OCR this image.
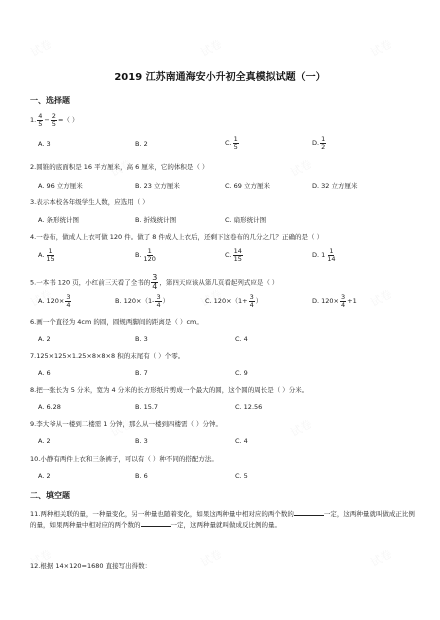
2019 江苏南通海安小升初全真模拟试题（一）
一、选择题
1. $\frac{4}{5} - \frac{2}{5}$ =（ ）
A. 3	B. 2	C. $\frac{1}{5}$	D. $\frac{1}{2}$
2.圆锥的底面积是 16 平方厘米，高 6 厘米，它的体积是（ ）
A. 96 立方厘米	B. 23 立方厘米	C. 69 立方厘米	D. 32 立方厘米
3.表示本校各年级学生人数，应选用（ ）
A. 条形统计图	B. 折线统计图	C. 扇形统计图
4.一卷布，做成人上衣可做 120 件。做了 8 件成人上衣后，还剩下这卷布的几分之几？正确的是（ ）
A. $\frac{1}{15}$	B. $\frac{1}{120}$	C. $\frac{14}{15}$	D. $1 \frac{1}{14}$
5.一本书 120 页，小红前三天看了全书的 $\frac{3}{4}$ ，第四天应该从第几页看起列式应是（ ）
A. $120\times \frac{3}{4}$	B. $120\times(1- \frac{3}{4}$ ）	C. $120\times(1+ \frac{3}{4}$ ）	D. $120\times \frac{3}{4} +1$
6.画一个直径为 4cm 的圆，圆规两脚间的距离是（ ）cm。
A. 2	B. 3	C. 4
7.125×125×1.25×8×8×8 积的末尾有（ ）个零。
A. 6	B. 7	C. 9
8.把一张长为 5 分米，宽为 4 分米的长方形纸片剪成一个最大的圆，这个圆的周长是（ ）分米。
A. 6.28	B. 15.7	C. 12.56
9.李大爷从一楼到二楼需 1 分钟，那么从一楼到四楼需（ ）分钟。
A. 2	B. 3	C. 4
10.小静有两件上衣和三条裤子，可以有（ ）种不同的搭配方法。
A. 2	B. 6	C. 5
二、填空题
11.两种相关联的量，一种量变化，另一种量也随着变化，如果这两种量中相对应的两个数的	一定，这两种量就叫做成正比例的量，如果两种量中相对应的两个数的	一定，这两种量就叫做成反比例的量。
12.根据 14×120=1680 直接写出得数：
